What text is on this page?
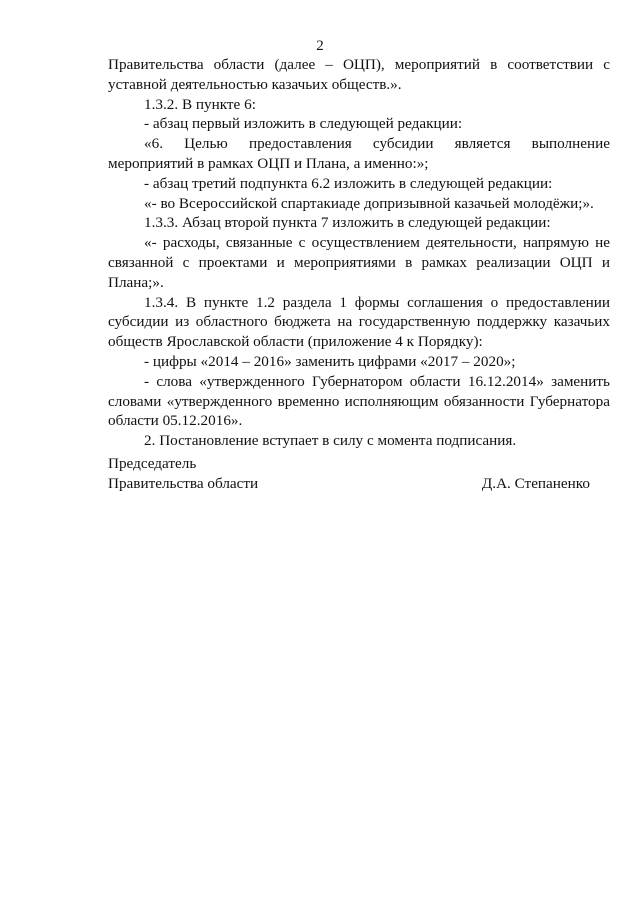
2

Правительства области (далее – ОЦП), мероприятий в соответствии с уставной деятельностью казачьих обществ.».

1.3.2. В пункте 6:

- абзац первый изложить в следующей редакции:

«6. Целью предоставления субсидии является выполнение мероприятий в рамках ОЦП и Плана, а именно:»;

- абзац третий подпункта 6.2 изложить в следующей редакции:

«- во Всероссийской спартакиаде допризывной казачьей молодёжи;».

1.3.3. Абзац второй пункта 7 изложить в следующей редакции:

«- расходы, связанные с осуществлением деятельности, напрямую не связанной с проектами и мероприятиями в рамках реализации ОЦП и Плана;».

1.3.4. В пункте 1.2 раздела 1 формы соглашения о предоставлении субсидии из областного бюджета на государственную поддержку казачьих обществ Ярославской области (приложение 4 к Порядку):

- цифры «2014 – 2016» заменить цифрами «2017 – 2020»;

- слова «утвержденного Губернатором области 16.12.2014» заменить словами «утвержденного временно исполняющим обязанности Губернатора области 05.12.2016».

2. Постановление вступает в силу с момента подписания.

Председатель
Правительства области	Д.А. Степаненко
